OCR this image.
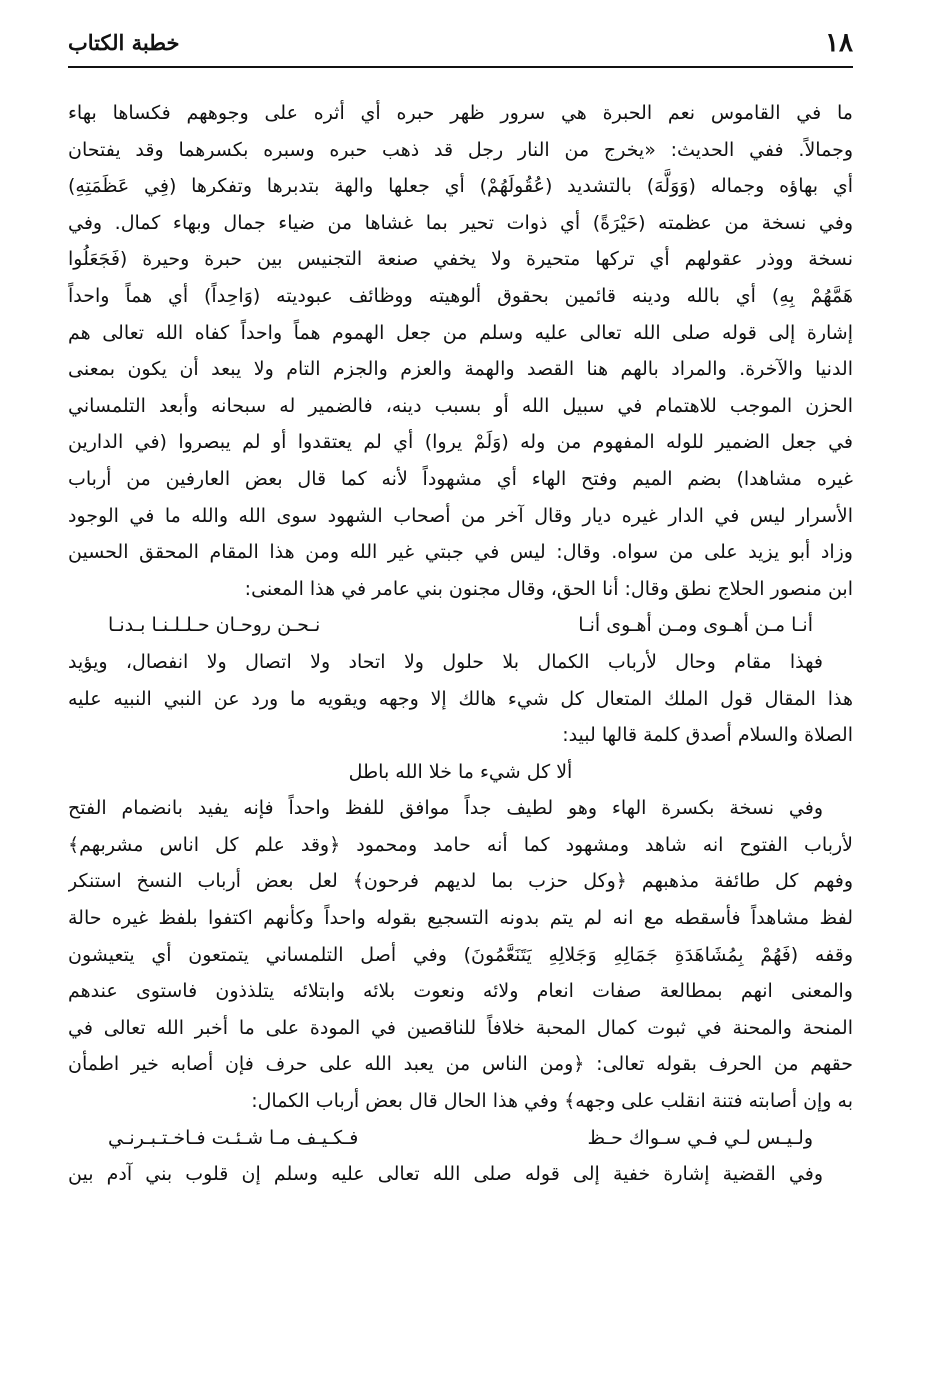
١٨
خطبة الكتاب
ما في القاموس نعم الحبرة هي سرور ظهر حبره أي أثره على وجوههم فكساها بهاء
وجمالاً. ففي الحديث: «يخرج من النار رجل قد ذهب حبره وسبره بكسرهما وقد يفتحان
أي بهاؤه وجماله (وَوَلَّهَ) بالتشديد (عُقُولَهُمْ) أي جعلها والهة بتدبرها وتفكرها (فِي عَظَمَتِهِ)
وفي نسخة من عظمته (حَيْرَةً) أي ذوات تحير بما غشاها من ضياء جمال وبهاء كمال. وفي
نسخة ووذر عقولهم أي تركها متحيرة ولا يخفي صنعة التجنيس بين حبرة وحيرة (فَجَعَلُوا
هَمَّهُمْ بِهِ) أي بالله ودينه قائمين بحقوق ألوهيته ووظائف عبوديته (وَاحِداً) أي هماً واحداً
إشارة إلى قوله صلى الله تعالى عليه وسلم من جعل الهموم هماً واحداً كفاه الله تعالى هم
الدنيا والآخرة. والمراد بالهم هنا القصد والهمة والعزم والجزم التام ولا يبعد أن يكون بمعنى
الحزن الموجب للاهتمام في سبيل الله أو بسبب دينه، فالضمير له سبحانه وأبعد التلمساني
في جعل الضمير للوله المفهوم من وله (وَلَمْ يروا) أي لم يعتقدوا أو لم يبصروا (في الدارين
غيره مشاهدا) بضم الميم وفتح الهاء أي مشهوداً لأنه كما قال بعض العارفين من أرباب
الأسرار ليس في الدار غيره ديار وقال آخر من أصحاب الشهود سوى الله والله ما في الوجود
وزاد أبو يزيد على من سواه. وقال: ليس في جبتي غير الله ومن هذا المقام المحقق الحسين
ابن منصور الحلاج نطق وقال: أنا الحق، وقال مجنون بني عامر في هذا المعنى:
أنـا مـن أهـوى ومـن أهـوى أنـا
نـحـن روحـان حـلـلـنـا بـدنـا
فهذا مقام وحال لأرباب الكمال بلا حلول ولا اتحاد ولا اتصال ولا انفصال، ويؤيد
هذا المقال قول الملك المتعال كل شيء هالك إلا وجهه ويقويه ما ورد عن النبي النبيه عليه
الصلاة والسلام أصدق كلمة قالها لبيد:
ألا كل شيء ما خلا الله باطل
وفي نسخة بكسرة الهاء وهو لطيف جداً موافق للفظ واحداً فإنه يفيد بانضمام الفتح
لأرباب الفتوح انه شاهد ومشهود كما أنه حامد ومحمود ﴿وقد علم كل اناس مشربهم﴾
وفهم كل طائفة مذهبهم ﴿وكل حزب بما لديهم فرحون﴾ لعل بعض أرباب النسخ استنكر
لفظ مشاهداً فأسقطه مع انه لم يتم بدونه التسجيع بقوله واحداً وكأنهم اكتفوا بلفظ غيره حالة
وقفه (فَهُمْ بِمُشَاهَدَةِ جَمَالِهِ وَجَلالِهِ يَتَنَعَّمُونَ) وفي أصل التلمساني يتمتعون أي يتعيشون
والمعنى انهم بمطالعة صفات انعام ولائه ونعوت بلائه وابتلائه يتلذذون فاستوى عندهم
المنحة والمحنة في ثبوت كمال المحبة خلافاً للناقصين في المودة على ما أخبر الله تعالى في
حقهم من الحرف بقوله تعالى: ﴿ومن الناس من يعبد الله على حرف فإن أصابه خير اطمأن
به وإن أصابته فتنة انقلب على وجهه﴾ وفي هذا الحال قال بعض أرباب الكمال:
ولـيـس لـي فـي سـواك حـظ
فـكـيـف مـا شـئـت فـاخـتـبـرنـي
وفي القضية إشارة خفية إلى قوله صلى الله تعالى عليه وسلم إن قلوب بني آدم بين
